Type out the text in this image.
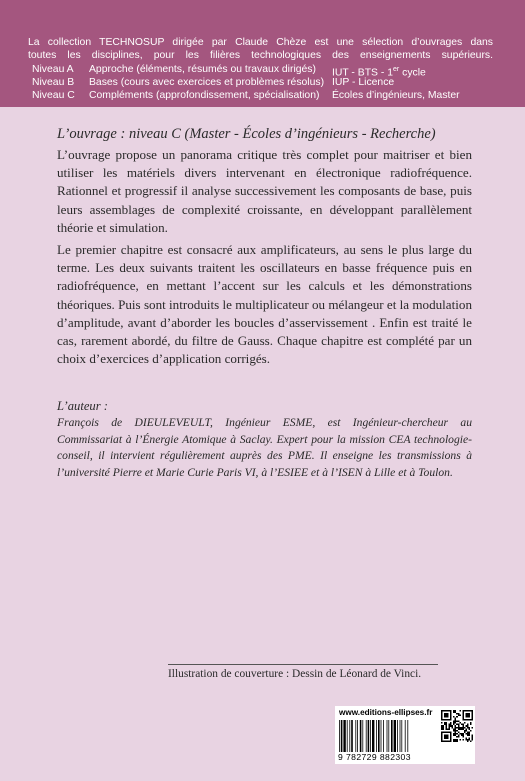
La collection TECHNOSUP dirigée par Claude Chèze est une sélection d’ouvrages dans
toutes les disciplines, pour les filières technologiques des enseignements supérieurs.
Niveau A Approche (éléments, résumés ou travaux dirigés) IUT - BTS - 1er cycle
Niveau B Bases (cours avec exercices et problèmes résolus) IUP - Licence
Niveau C Compléments (approfondissement, spécialisation) Écoles d’ingénieurs, Master
L’ouvrage : niveau C (Master - Écoles d’ingénieurs - Recherche)
L’ouvrage propose un panorama critique très complet pour maitriser et bien utiliser les matériels divers intervenant en électronique radiofréquence. Rationnel et progressif il analyse successivement les composants de base, puis leurs assemblages de complexité croissante, en développant parallèlement théorie et simulation.
Le premier chapitre est consacré aux amplificateurs, au sens le plus large du terme. Les deux suivants traitent les oscillateurs en basse fréquence puis en radiofréquence, en mettant l’accent sur les calculs et les démonstrations théoriques. Puis sont introduits le multiplicateur ou mélangeur et la modulation d’amplitude, avant d’aborder les boucles d’asservissement . Enfin est traité le cas, rarement abordé, du filtre de Gauss. Chaque chapitre est complété par un choix d’exercices d’application corrigés.
L’auteur :
François de DIEULEVEULT, Ingénieur ESME, est Ingénieur-chercheur au Commissariat à l’Énergie Atomique à Saclay. Expert pour la mission CEA technologie-conseil, il intervient régulièrement auprès des PME. Il enseigne les transmissions à l’université Pierre et Marie Curie Paris VI, à l’ESIEE et à l’ISEN à Lille et à Toulon.
Illustration de couverture : Dessin de Léonard de Vinci.
www.editions-ellipses.fr
9 782729 882303
